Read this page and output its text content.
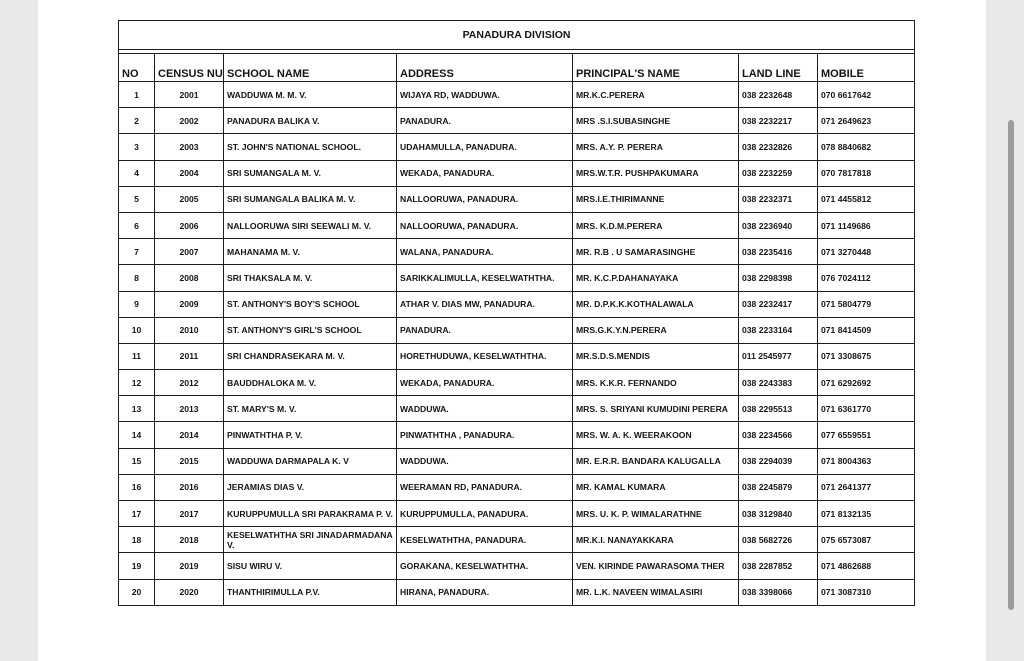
PANADURA DIVISION						

NO	CENSUS NU	SCHOOL NAME	ADDRESS	PRINCIPAL'S NAME	LAND LINE	MOBILE
1	2001	WADDUWA M. M. V.	WIJAYA RD, WADDUWA.	MR.K.C.PERERA	038 2232648	070 6617642
2	2002	PANADURA BALIKA V.	PANADURA.	MRS .S.I.SUBASINGHE	038 2232217	071 2649623
3	2003	ST. JOHN'S NATIONAL SCHOOL.	UDAHAMULLA, PANADURA.	MRS. A.Y. P. PERERA	038 2232826	078 8840682
4	2004	SRI SUMANGALA M. V.	WEKADA, PANADURA.	MRS.W.T.R. PUSHPAKUMARA	038 2232259	070 7817818
5	2005	SRI SUMANGALA BALIKA M. V.	NALLOORUWA, PANADURA.	MRS.I.E.THIRIMANNE	038 2232371	071 4455812
6	2006	NALLOORUWA SIRI SEEWALI M. V.	NALLOORUWA, PANADURA.	MRS. K.D.M.PERERA	038 2236940	071 1149686
7	2007	MAHANAMA M. V.	WALANA, PANADURA.	MR. R.B . U SAMARASINGHE	038 2235416	071 3270448
8	2008	SRI THAKSALA M. V.	SARIKKALIMULLA, KESELWATHTHA.	MR. K.C.P.DAHANAYAKA	038 2298398	076 7024112
9	2009	ST. ANTHONY'S BOY'S SCHOOL	ATHAR V. DIAS MW, PANADURA.	MR. D.P.K.K.KOTHALAWALA	038 2232417	071 5804779
10	2010	ST. ANTHONY'S GIRL'S SCHOOL	PANADURA.	MRS.G.K.Y.N.PERERA	038 2233164	071 8414509
11	2011	SRI CHANDRASEKARA M. V.	HORETHUDUWA, KESELWATHTHA.	MR.S.D.S.MENDIS	011 2545977	071 3308675
12	2012	BAUDDHALOKA M. V.	WEKADA, PANADURA.	MRS. K.K.R. FERNANDO	038 2243383	071 6292692
13	2013	ST. MARY'S M. V.	WADDUWA.	MRS. S. SRIYANI KUMUDINI PERERA	038 2295513	071 6361770
14	2014	PINWATHTHA P. V.	PINWATHTHA , PANADURA.	MRS. W. A. K. WEERAKOON	038 2234566	077 6559551
15	2015	WADDUWA DARMAPALA K. V	WADDUWA.	MR. E.R.R. BANDARA KALUGALLA	038 2294039	071 8004363
16	2016	JERAMIAS DIAS V.	WEERAMAN RD, PANADURA.	MR. KAMAL KUMARA	038 2245879	071 2641377
17	2017	KURUPPUMULLA SRI PARAKRAMA P. V.	KURUPPUMULLA, PANADURA.	MRS. U. K. P. WIMALARATHNE	038 3129840	071 8132135
18	2018	KESELWATHTHA SRI JINADARMADANA V.	KESELWATHTHA, PANADURA.	MR.K.I. NANAYAKKARA	038 5682726	075 6573087
19	2019	SISU WIRU V.	GORAKANA, KESELWATHTHA.	VEN. KIRINDE PAWARASOMA THER	038 2287852	071 4862688
20	2020	THANTHIRIMULLA P.V.	HIRANA, PANADURA.	MR. L.K. NAVEEN WIMALASIRI	038 3398066	071 3087310
